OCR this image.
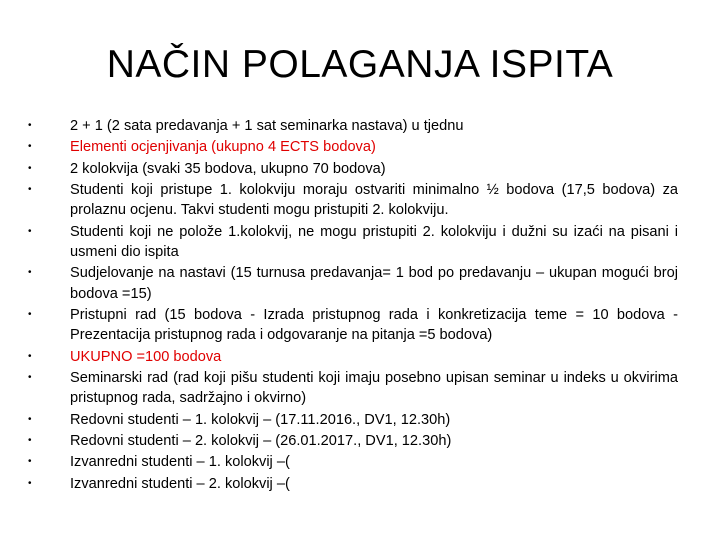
NAČIN POLAGANJA ISPITA
•	2 + 1 (2 sata predavanja + 1 sat seminarka nastava) u tjednu
•	Elementi ocjenjivanja (ukupno 4 ECTS bodova)
•	2 kolokvija (svaki 35 bodova, ukupno 70 bodova)
•	Studenti koji pristupe 1. kolokviju moraju ostvariti minimalno ½ bodova (17,5 bodova) za prolaznu ocjenu. Takvi studenti mogu pristupiti 2. kolokviju.
•	Studenti koji ne polože 1.kolokvij, ne mogu pristupiti 2. kolokviju i dužni su izaći na pisani i usmeni dio ispita
•	Sudjelovanje na nastavi (15 turnusa predavanja= 1 bod po predavanju – ukupan mogući broj bodova =15)
•	Pristupni rad (15 bodova - Izrada pristupnog rada i konkretizacija teme = 10 bodova - Prezentacija pristupnog rada i odgovaranje na pitanja =5 bodova)
•	UKUPNO =100 bodova
•	Seminarski rad (rad koji pišu studenti koji imaju posebno upisan seminar u indeks u okvirima pristupnog rada, sadržajno i okvirno)
•	Redovni studenti – 1. kolokvij – (17.11.2016., DV1, 12.30h)
•	Redovni studenti – 2. kolokvij – (26.01.2017., DV1, 12.30h)
•	Izvanredni studenti – 1. kolokvij –(
•	Izvanredni studenti – 2. kolokvij –(
